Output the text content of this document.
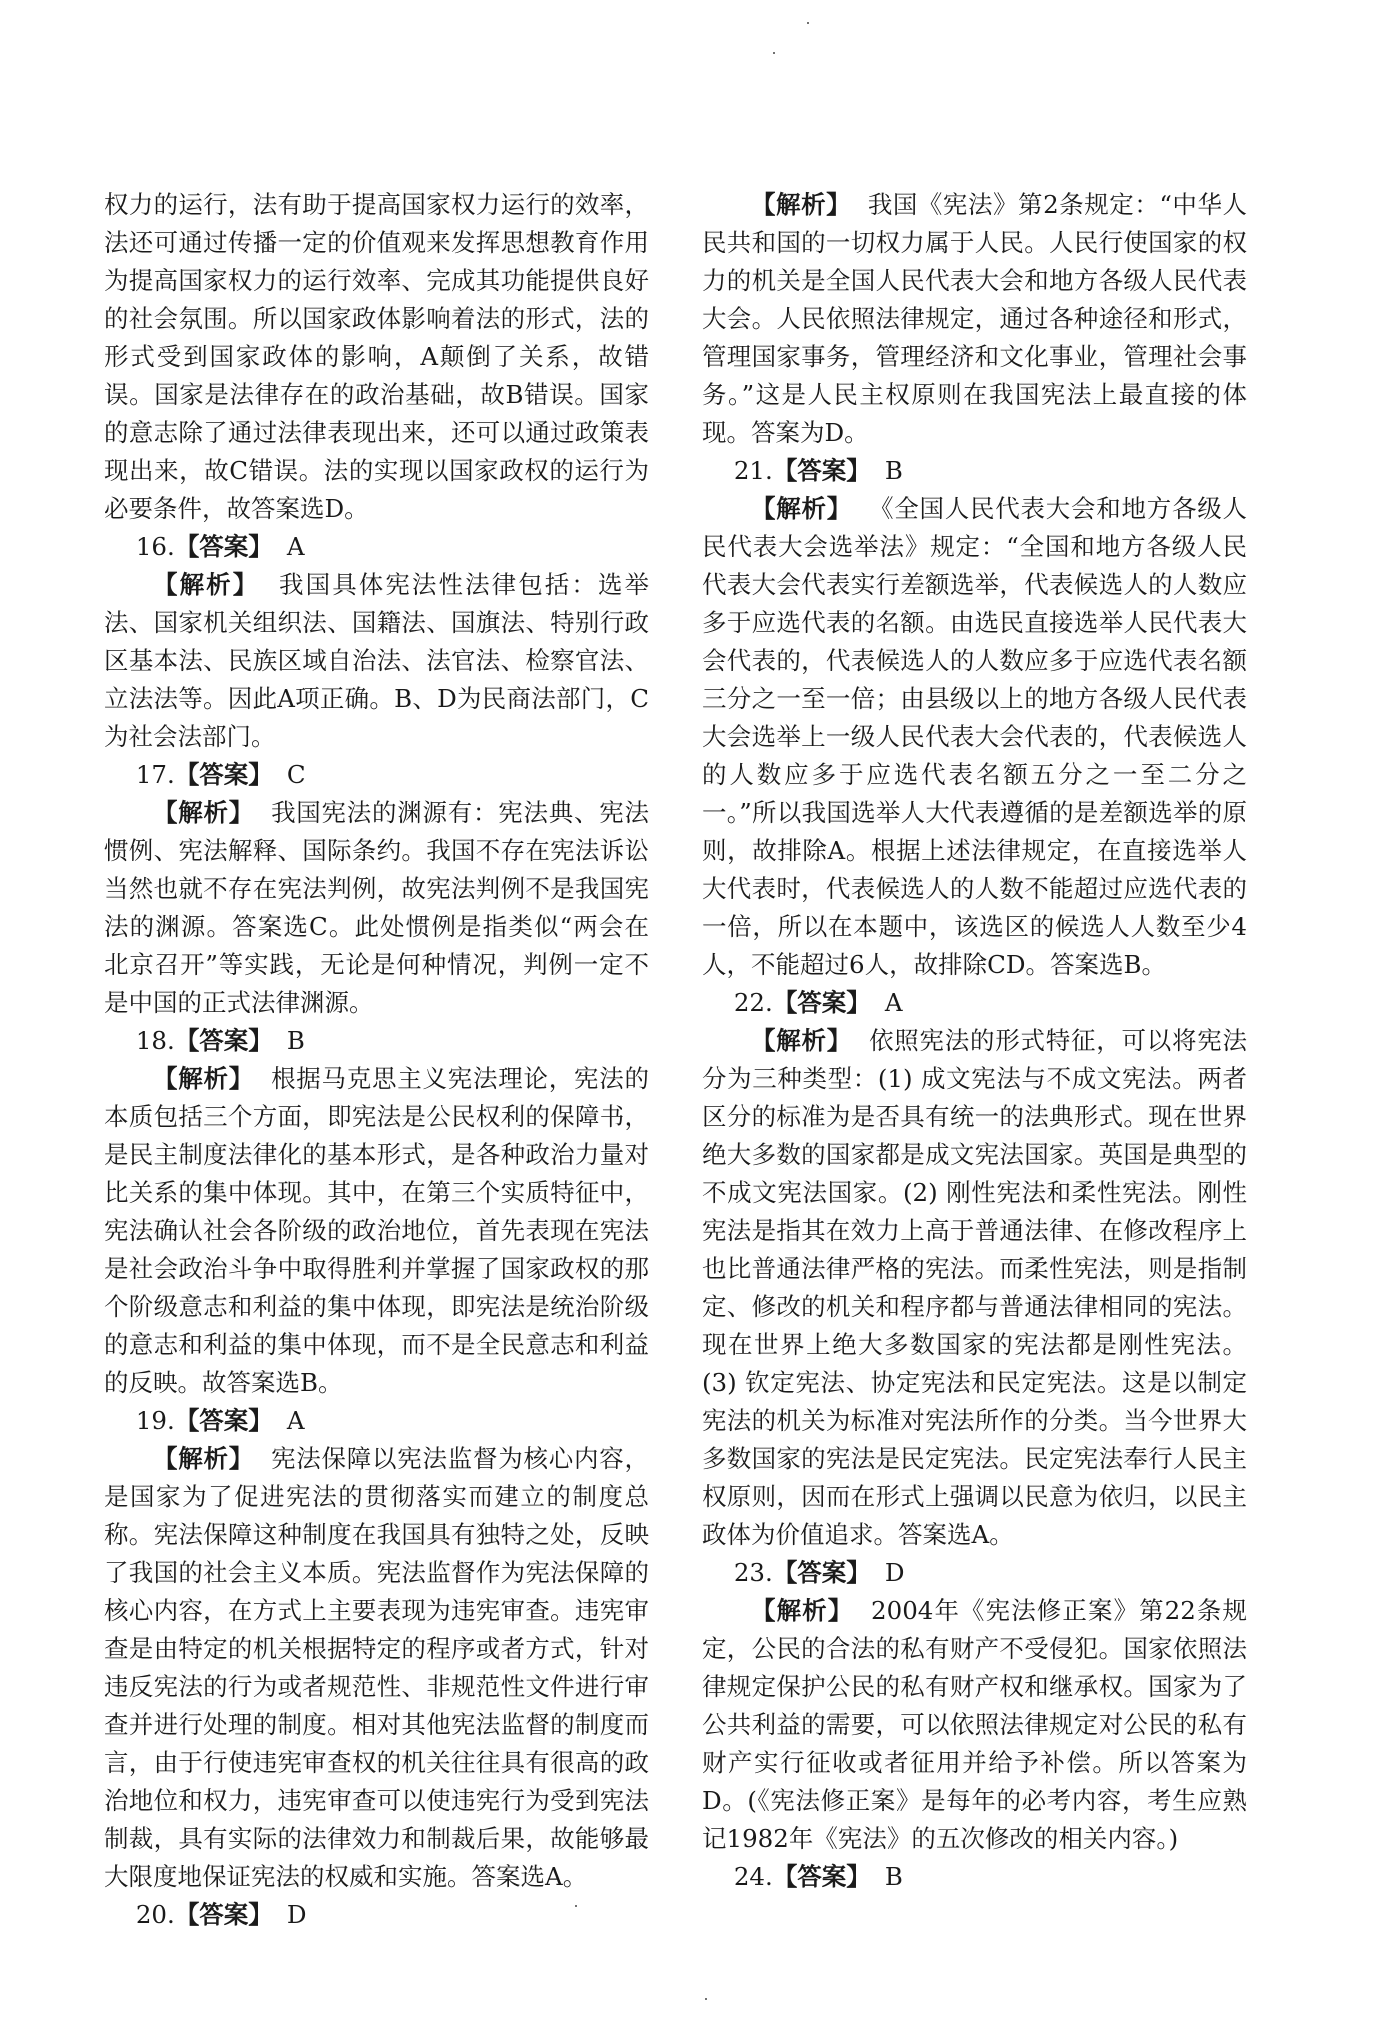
权力的运行，法有助于提高国家权力运行的效率，法还可通过传播一定的价值观来发挥思想教育作用为提高国家权力的运行效率、完成其功能提供良好的社会氛围。所以国家政体影响着法的形式，法的形式受到国家政体的影响，A颠倒了关系，故错误。国家是法律存在的政治基础，故B错误。国家的意志除了通过法律表现出来，还可以通过政策表现出来，故C错误。法的实现以国家政权的运行为必要条件，故答案选D。

16.【答案】 A

【解析】 我国具体宪法性法律包括：选举法、国家机关组织法、国籍法、国旗法、特别行政区基本法、民族区域自治法、法官法、检察官法、立法法等。因此A项正确。B、D为民商法部门，C为社会法部门。

17.【答案】 C

【解析】 我国宪法的渊源有：宪法典、宪法惯例、宪法解释、国际条约。我国不存在宪法诉讼当然也就不存在宪法判例，故宪法判例不是我国宪法的渊源。答案选C。此处惯例是指类似“两会在北京召开”等实践，无论是何种情况，判例一定不是中国的正式法律渊源。

18.【答案】 B

【解析】 根据马克思主义宪法理论，宪法的本质包括三个方面，即宪法是公民权利的保障书，是民主制度法律化的基本形式，是各种政治力量对比关系的集中体现。其中，在第三个实质特征中，宪法确认社会各阶级的政治地位，首先表现在宪法是社会政治斗争中取得胜利并掌握了国家政权的那个阶级意志和利益的集中体现，即宪法是统治阶级的意志和利益的集中体现，而不是全民意志和利益的反映。故答案选B。

19.【答案】 A

【解析】 宪法保障以宪法监督为核心内容，是国家为了促进宪法的贯彻落实而建立的制度总称。宪法保障这种制度在我国具有独特之处，反映了我国的社会主义本质。宪法监督作为宪法保障的核心内容，在方式上主要表现为违宪审查。违宪审查是由特定的机关根据特定的程序或者方式，针对违反宪法的行为或者规范性、非规范性文件进行审查并进行处理的制度。相对其他宪法监督的制度而言，由于行使违宪审查权的机关往往具有很高的政治地位和权力，违宪审查可以使违宪行为受到宪法制裁，具有实际的法律效力和制裁后果，故能够最大限度地保证宪法的权威和实施。答案选A。

20.【答案】 D

【解析】 我国《宪法》第2条规定：“中华人民共和国的一切权力属于人民。人民行使国家的权力的机关是全国人民代表大会和地方各级人民代表大会。人民依照法律规定，通过各种途径和形式，管理国家事务，管理经济和文化事业，管理社会事务。”这是人民主权原则在我国宪法上最直接的体现。答案为D。

21.【答案】 B

【解析】 《全国人民代表大会和地方各级人民代表大会选举法》规定：“全国和地方各级人民代表大会代表实行差额选举，代表候选人的人数应多于应选代表的名额。由选民直接选举人民代表大会代表的，代表候选人的人数应多于应选代表名额三分之一至一倍；由县级以上的地方各级人民代表大会选举上一级人民代表大会代表的，代表候选人的人数应多于应选代表名额五分之一至二分之一。”所以我国选举人大代表遵循的是差额选举的原则，故排除A。根据上述法律规定，在直接选举人大代表时，代表候选人的人数不能超过应选代表的一倍，所以在本题中，该选区的候选人人数至少4人，不能超过6人，故排除CD。答案选B。

22.【答案】 A

【解析】 依照宪法的形式特征，可以将宪法分为三种类型：(1) 成文宪法与不成文宪法。两者区分的标准为是否具有统一的法典形式。现在世界绝大多数的国家都是成文宪法国家。英国是典型的不成文宪法国家。(2) 刚性宪法和柔性宪法。刚性宪法是指其在效力上高于普通法律、在修改程序上也比普通法律严格的宪法。而柔性宪法，则是指制定、修改的机关和程序都与普通法律相同的宪法。现在世界上绝大多数国家的宪法都是刚性宪法。(3) 钦定宪法、协定宪法和民定宪法。这是以制定宪法的机关为标准对宪法所作的分类。当今世界大多数国家的宪法是民定宪法。民定宪法奉行人民主权原则，因而在形式上强调以民意为依归，以民主政体为价值追求。答案选A。

23.【答案】 D

【解析】 2004年《宪法修正案》第22条规定，公民的合法的私有财产不受侵犯。国家依照法律规定保护公民的私有财产权和继承权。国家为了公共利益的需要，可以依照法律规定对公民的私有财产实行征收或者征用并给予补偿。所以答案为D。(《宪法修正案》是每年的必考内容，考生应熟记1982年《宪法》的五次修改的相关内容。)

24.【答案】 B
